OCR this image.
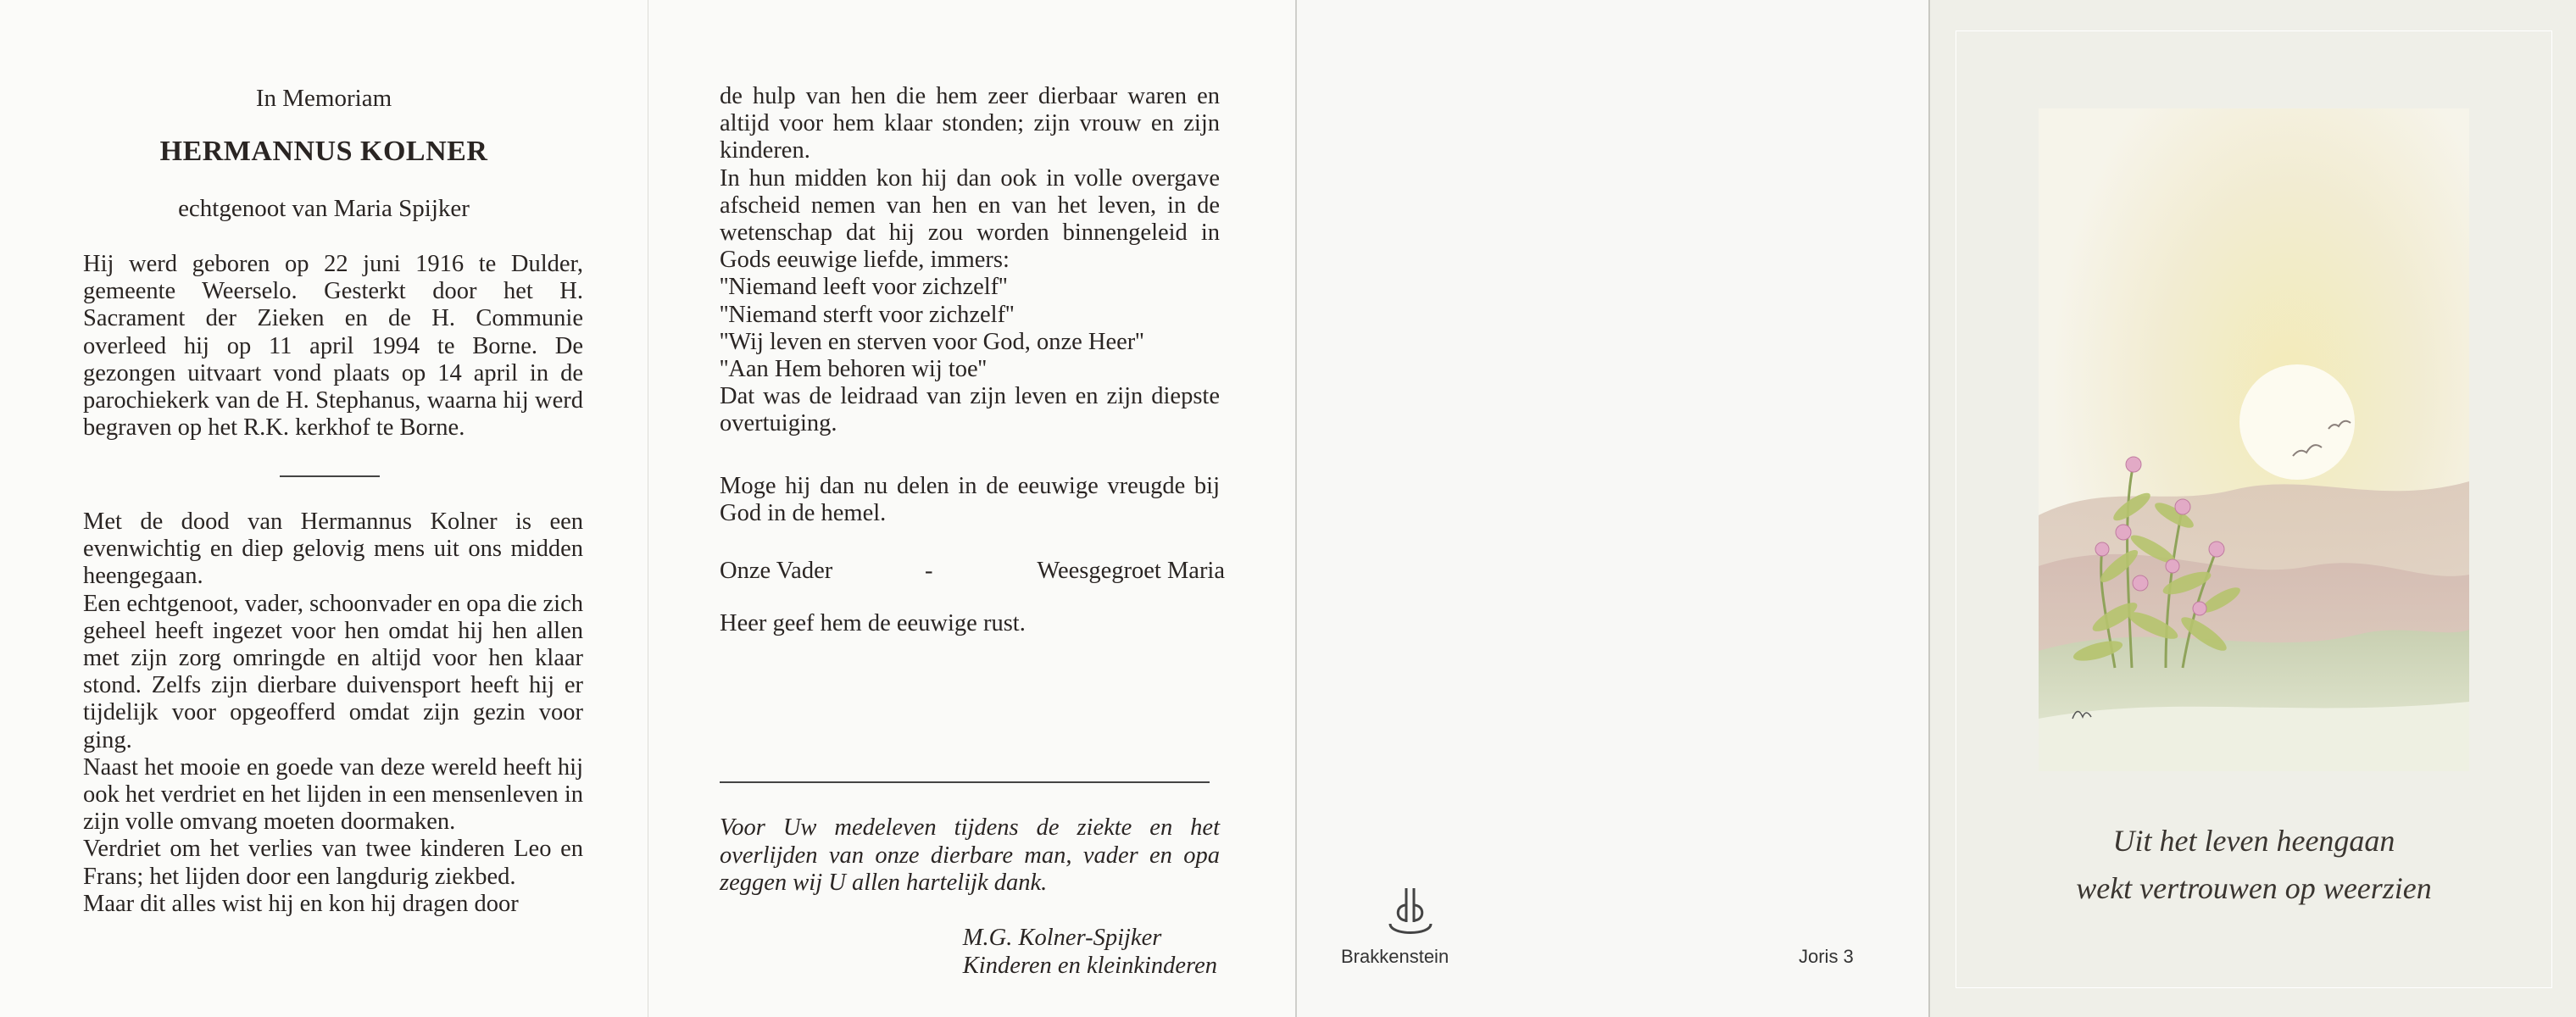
In Memoriam
HERMANNUS KOLNER
echtgenoot van Maria Spijker

Hij werd geboren op 22 juni 1916 te Dulder, gemeente Weerselo. Gesterkt door het H. Sacrament der Zieken en de H. Communie overleed hij op 11 april 1994 te Borne. De gezongen uitvaart vond plaats op 14 april in de parochiekerk van de H. Stephanus, waarna hij werd begraven op het R.K. kerkhof te Borne.

Met de dood van Hermannus Kolner is een evenwichtig en diep gelovig mens uit ons midden heengegaan.

Een echtgenoot, vader, schoonvader en opa die zich geheel heeft ingezet voor hen omdat hij hen allen met zijn zorg omringde en altijd voor hen klaar stond. Zelfs zijn dierbare duivensport heeft hij er tijdelijk voor opgeofferd omdat zijn gezin voor ging.

Naast het mooie en goede van deze wereld heeft hij ook het verdriet en het lijden in een mensenleven in zijn volle omvang moeten doormaken.

Verdriet om het verlies van twee kinderen Leo en Frans; het lijden door een langdurig ziekbed.

Maar dit alles wist hij en kon hij dragen door

de hulp van hen die hem zeer dierbaar waren en altijd voor hem klaar stonden; zijn vrouw en zijn kinderen.

In hun midden kon hij dan ook in volle overgave afscheid nemen van hen en van het leven, in de wetenschap dat hij zou worden binnengeleid in Gods eeuwige liefde, immers:

''Niemand leeft voor zichzelf''

''Niemand sterft voor zichzelf''

''Wij leven en sterven voor God, onze Heer''

''Aan Hem behoren wij toe''

Dat was de leidraad van zijn leven en zijn diepste overtuiging.

Moge hij dan nu delen in de eeuwige vreugde bij God in de hemel.

Onze Vader	-	Weesgegroet Maria
Heer geef hem de eeuwige rust.
Voor Uw medeleven tijdens de ziekte en het overlijden van onze dierbare man, vader en opa zeggen wij U allen hartelijk dank.
M.G. Kolner-Spijker
Kinderen en kleinkinderen	Brakkenstein	Joris 3
Uit het leven heengaan
wekt vertrouwen op weerzien
